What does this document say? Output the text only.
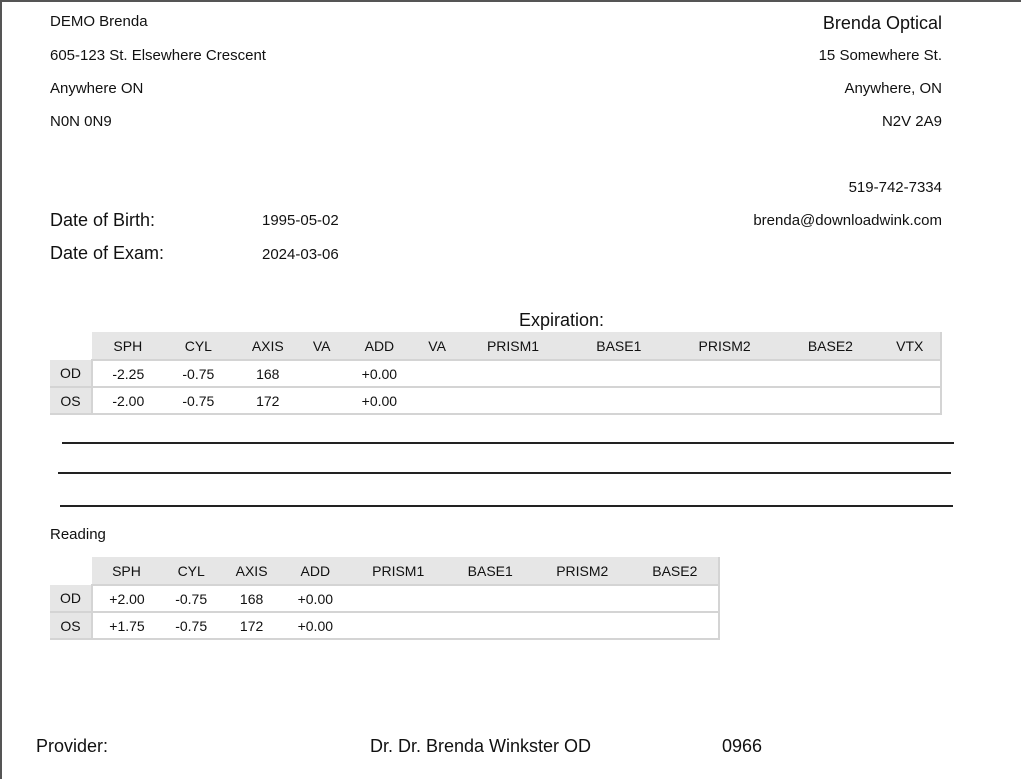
DEMO Brenda
605-123 St. Elsewhere Crescent
Anywhere ON
N0N 0N9
Brenda Optical
15 Somewhere St.
Anywhere, ON
N2V 2A9
519-742-7334
brenda@downloadwink.com
Date of Birth:	1995-05-02
Date of Exam:	2024-03-06
Expiration:
	SPH	CYL	AXIS	VA	ADD	VA	PRISM1	BASE1	PRISM2	BASE2	VTX
OD	-2.25	-0.75	168		+0.00						
OS	-2.00	-0.75	172		+0.00						
Reading
	SPH	CYL	AXIS	ADD	PRISM1	BASE1	PRISM2	BASE2
OD	+2.00	-0.75	168	+0.00				
OS	+1.75	-0.75	172	+0.00				
Provider:	Dr. Dr. Brenda Winkster OD	0966
